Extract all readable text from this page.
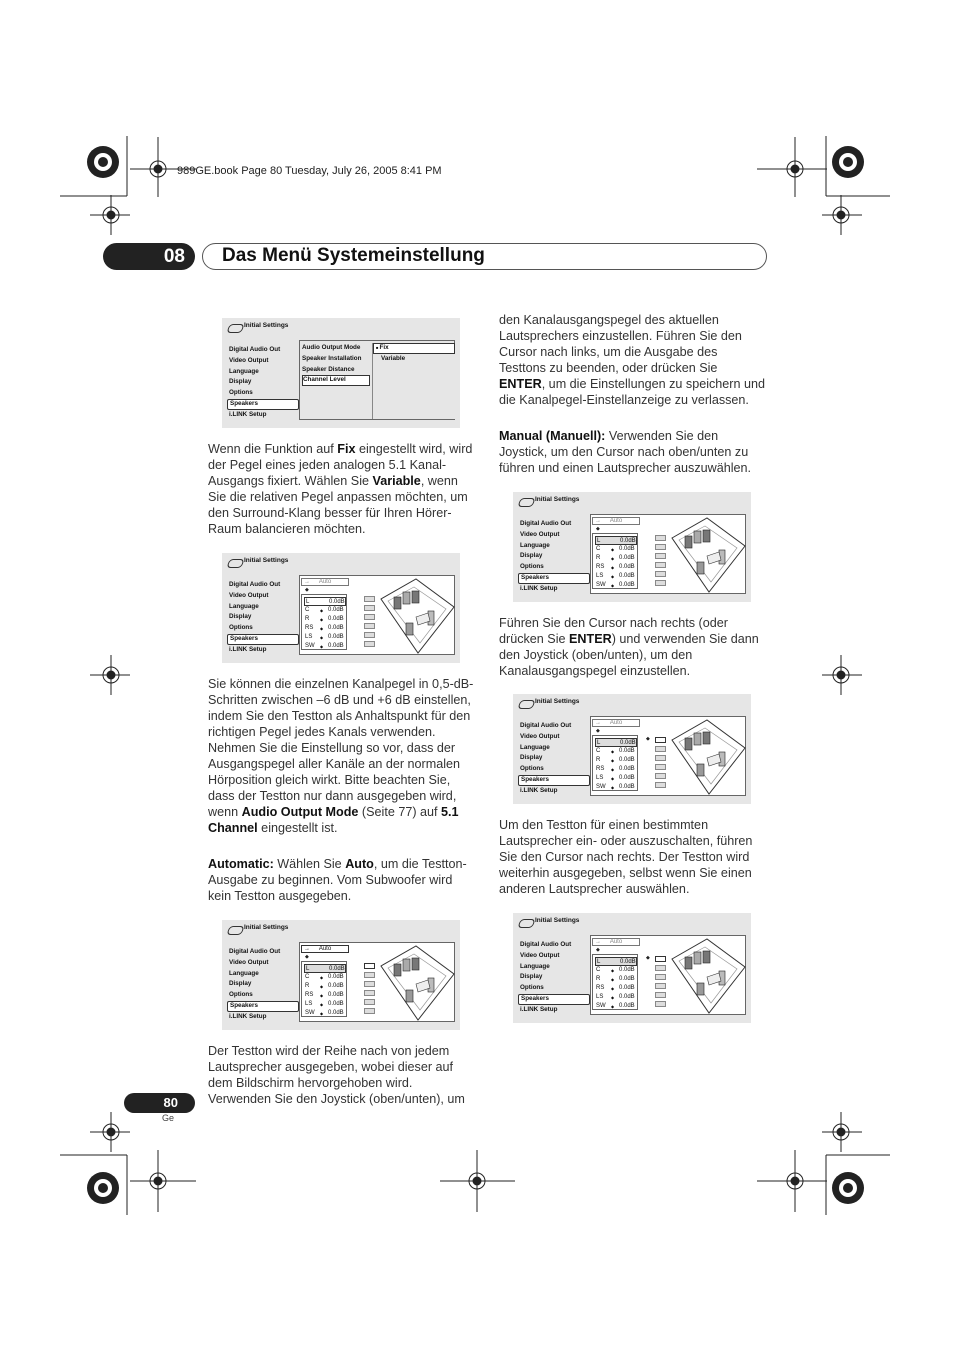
989GE.book Page 80 Tuesday, July 26, 2005 8:41 PM
08	Das Menü Systemeinstellung
Initial Settings
Digital Audio Out
Video Output
Language
Display
Options
Speakers
i.LINK Setup
Audio Output Mode
Speaker Installation
Speaker Distance
Channel Level
■ Fix
Variable
Initial Settings
Digital Audio Out
Video Output
Language
Display
Options
Speakers
i.LINK Setup
→ Auto
◆
L	0.0dB
C	0.0dB
◆
R	0.0dB
◆
RS 0.0dB
◆
LS	0.0dB
◆
SW 0.0dB
◆
Initial Settings
Digital Audio Out
Video Output
Language
Display
Options
Speakers
i.LINK Setup
→ Auto
◆
L	0.0dB
C	0.0dB
◆
R	0.0dB
◆
RS 0.0dB
◆
LS	0.0dB
◆
SW 0.0dB
◆
Initial Settings
Digital Audio Out
Video Output
Language
Display
Options
Speakers
i.LINK Setup
→ Auto
◆
L	0.0dB
C	0.0dB
◆
R	0.0dB
◆
RS 0.0dB
◆
LS	0.0dB
◆
SW 0.0dB
◆
Initial Settings
Digital Audio Out
Video Output
Language
Display
Options
Speakers
i.LINK Setup
→ Auto
◆
L	0.0dB
C	0.0dB
◆
R	0.0dB
◆
RS 0.0dB
◆
LS	0.0dB
◆
SW 0.0dB
◆
◆
Initial Settings
Digital Audio Out
Video Output
Language
Display
Options
Speakers
i.LINK Setup
→ Auto
◆
L	0.0dB
C	0.0dB
◆
R	0.0dB
◆
RS 0.0dB
◆
LS	0.0dB
◆
SW 0.0dB
◆
◆
Wenn die Funktion auf Fix eingestellt wird, wird der Pegel eines jeden analogen 5.1 Kanal-Ausgangs fixiert. Wählen Sie Variable, wenn Sie die relativen Pegel anpassen möchten, um den Surround-Klang besser für Ihren Hörer-Raum balancieren möchten.
Sie können die einzelnen Kanalpegel in 0,5-dB-Schritten zwischen –6 dB und +6 dB einstellen, indem Sie den Testton als Anhaltspunkt für den richtigen Pegel jedes Kanals verwenden. Nehmen Sie die Einstellung so vor, dass der Ausgangspegel aller Kanäle an der normalen Hörposition gleich wirkt. Bitte beachten Sie, dass der Testton nur dann ausgegeben wird, wenn Audio Output Mode (Seite 77) auf 5.1 Channel eingestellt ist.
Automatic: Wählen Sie Auto, um die Testton-Ausgabe zu beginnen. Vom Subwoofer wird kein Testton ausgegeben.
Der Testton wird der Reihe nach von jedem Lautsprecher ausgegeben, wobei dieser auf dem Bildschirm hervorgehoben wird. Verwenden Sie den Joystick (oben/unten), um
den Kanalausgangspegel des aktuellen Lautsprechers einzustellen. Führen Sie den Cursor nach links, um die Ausgabe des Testtons zu beenden, oder drücken Sie ENTER, um die Einstellungen zu speichern und die Kanalpegel-Einstellanzeige zu verlassen.
Manual (Manuell): Verwenden Sie den Joystick, um den Cursor nach oben/unten zu führen und einen Lautsprecher auszuwählen.
Führen Sie den Cursor nach rechts (oder drücken Sie ENTER) und verwenden Sie dann den Joystick (oben/unten), um den Kanalausgangspegel einzustellen.
Um den Testton für einen bestimmten Lautsprecher ein- oder auszuschalten, führen Sie den Cursor nach rechts. Der Testton wird weiterhin ausgegeben, selbst wenn Sie einen anderen Lautsprecher auswählen.
80
Ge
